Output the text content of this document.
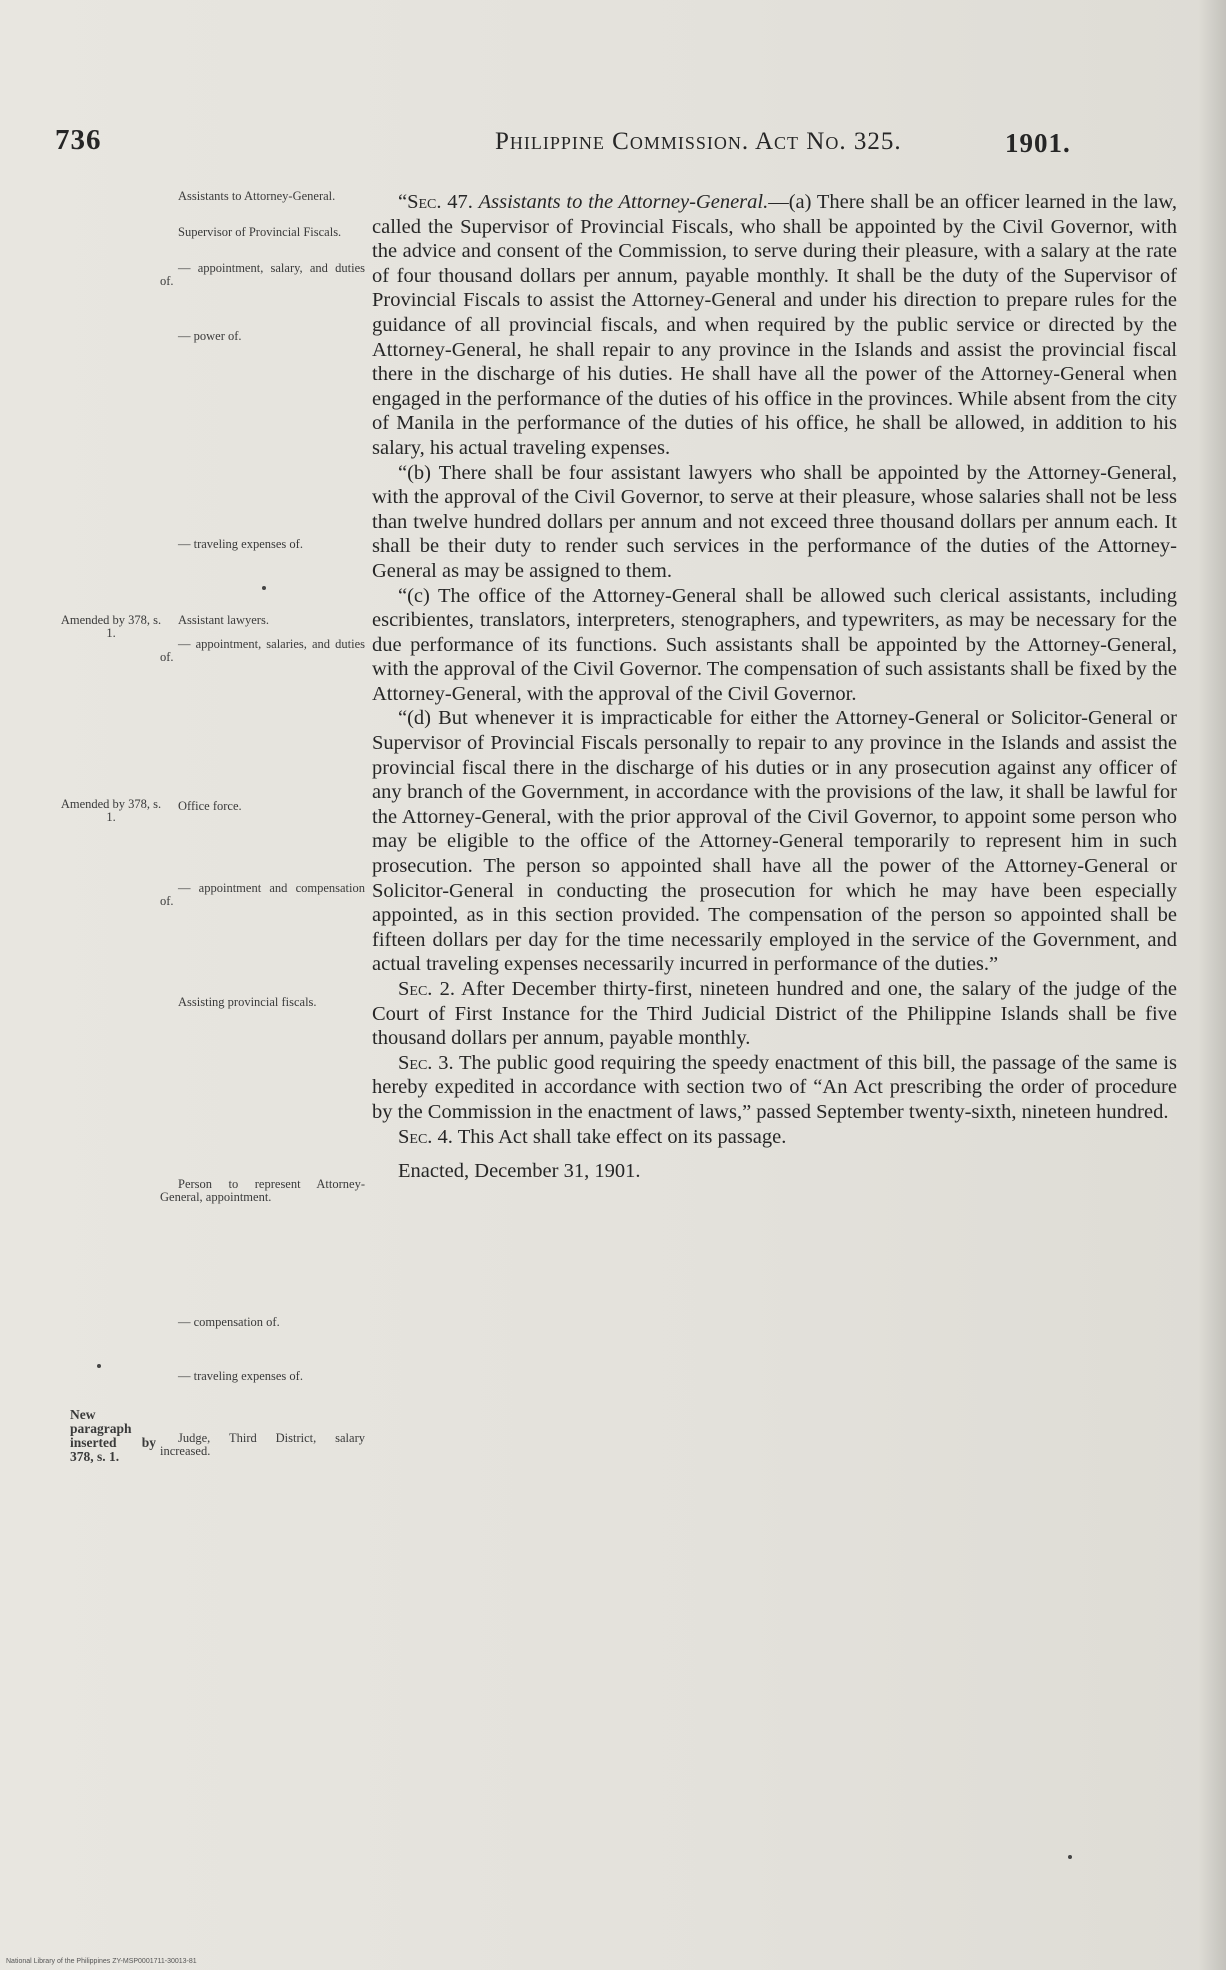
736	Philippine Commission. Act No. 325.	1901.
Amended by 378, s. 1.
Amended by 378, s. 1.
New paragraph inserted by 378, s. 1.
Assistants to Attorney-General.
Supervisor of Provincial Fiscals.
— appointment, salary, and duties of.
— power of.
— traveling expenses of.
Assistant lawyers.
— appointment, salaries, and duties of.
Office force.
— appointment and compensation of.
Assisting provincial fiscals.
Person to represent Attorney-General, appointment.
— compensation of.
— traveling expenses of.
Judge, Third District, salary increased.

“Sec. 47. Assistants to the Attorney-General.—(a) There shall be an officer learned in the law, called the Supervisor of Provincial Fiscals, who shall be appointed by the Civil Governor, with the advice and consent of the Commission, to serve during their pleasure, with a salary at the rate of four thousand dollars per annum, payable monthly. It shall be the duty of the Supervisor of Provincial Fiscals to assist the Attorney-General and under his direction to prepare rules for the guidance of all provincial fiscals, and when required by the public service or directed by the Attorney-General, he shall repair to any province in the Islands and assist the provincial fiscal there in the discharge of his duties. He shall have all the power of the Attorney-General when engaged in the performance of the duties of his office in the provinces. While absent from the city of Manila in the performance of the duties of his office, he shall be allowed, in addition to his salary, his actual traveling expenses.

“(b) There shall be four assistant lawyers who shall be appointed by the Attorney-General, with the approval of the Civil Governor, to serve at their pleasure, whose salaries shall not be less than twelve hundred dollars per annum and not exceed three thousand dollars per annum each. It shall be their duty to render such services in the performance of the duties of the Attorney-General as may be assigned to them.

“(c) The office of the Attorney-General shall be allowed such clerical assistants, including escribientes, translators, interpreters, stenographers, and typewriters, as may be necessary for the due performance of its functions. Such assistants shall be appointed by the Attorney-General, with the approval of the Civil Governor. The compensation of such assistants shall be fixed by the Attorney-General, with the approval of the Civil Governor.

“(d) But whenever it is impracticable for either the Attorney-General or Solicitor-General or Supervisor of Provincial Fiscals personally to repair to any province in the Islands and assist the provincial fiscal there in the discharge of his duties or in any prosecution against any officer of any branch of the Government, in accordance with the provisions of the law, it shall be lawful for the Attorney-General, with the prior approval of the Civil Governor, to appoint some person who may be eligible to the office of the Attorney-General temporarily to represent him in such prosecution. The person so appointed shall have all the power of the Attorney-General or Solicitor-General in conducting the prosecution for which he may have been especially appointed, as in this section provided. The compensation of the person so appointed shall be fifteen dollars per day for the time necessarily employed in the service of the Government, and actual traveling expenses necessarily incurred in performance of the duties.”

Sec. 2. After December thirty-first, nineteen hundred and one, the salary of the judge of the Court of First Instance for the Third Judicial District of the Philippine Islands shall be five thousand dollars per annum, payable monthly.

Sec. 3. The public good requiring the speedy enactment of this bill, the passage of the same is hereby expedited in accordance with section two of “An Act prescribing the order of procedure by the Commission in the enactment of laws,” passed September twenty-sixth, nineteen hundred.

Sec. 4. This Act shall take effect on its passage.

Enacted, December 31, 1901.

National Library of the Philippines ZY-MSP0001711-30013-81
